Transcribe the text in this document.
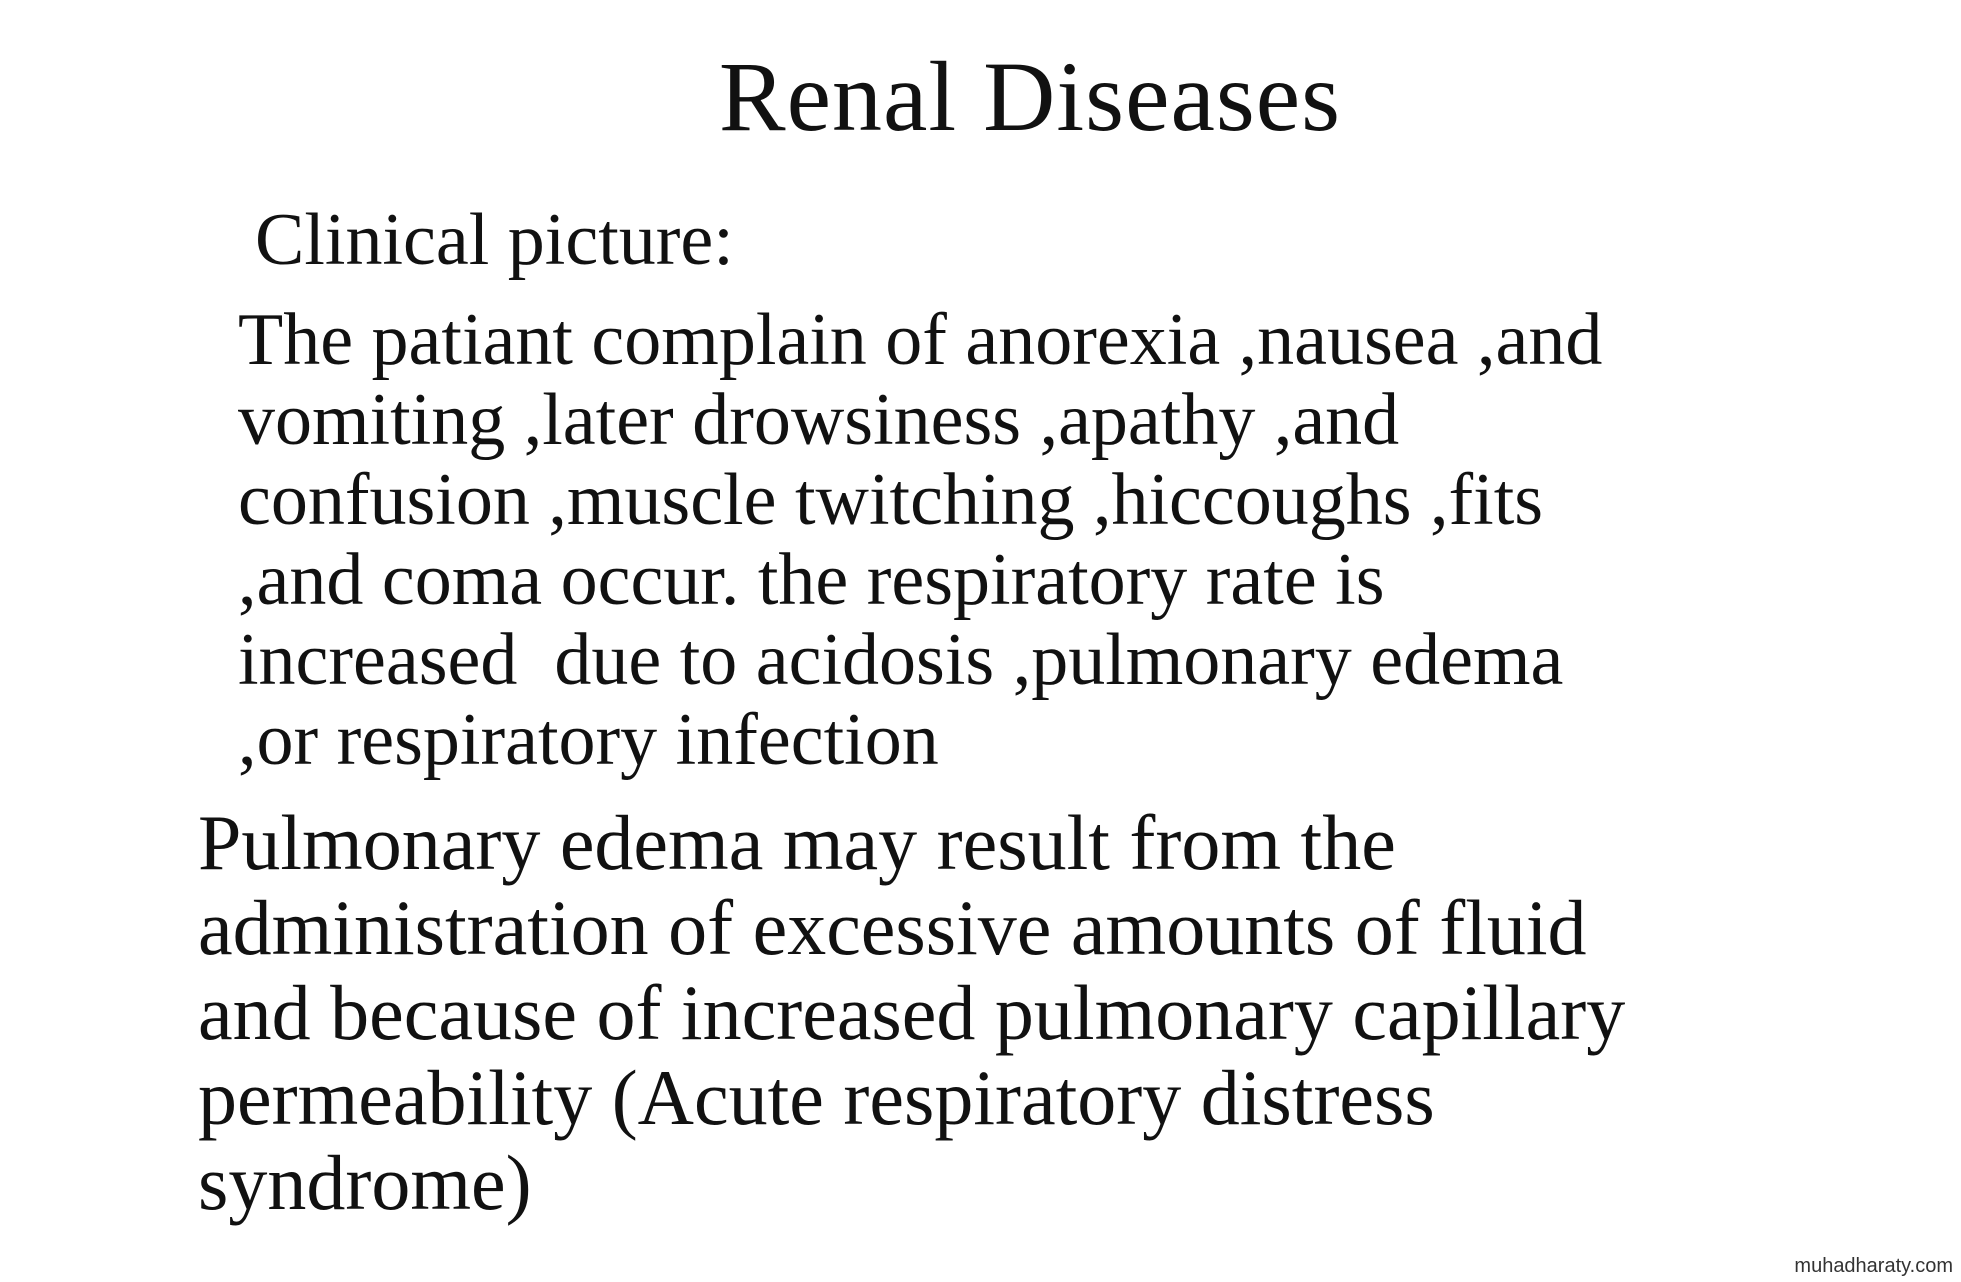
Renal Diseases
Clinical picture:

The patiant complain of anorexia ,nausea ,and
vomiting ,later drowsiness ,apathy ,and
confusion ,muscle twitching ,hiccoughs ,fits
,and coma occur. the respiratory rate is
increased  due to acidosis ,pulmonary edema
,or respiratory infection

Pulmonary edema may result from the
administration of excessive amounts of fluid
and because of increased pulmonary capillary
permeability (Acute respiratory distress
syndrome)

muhadharaty.com
